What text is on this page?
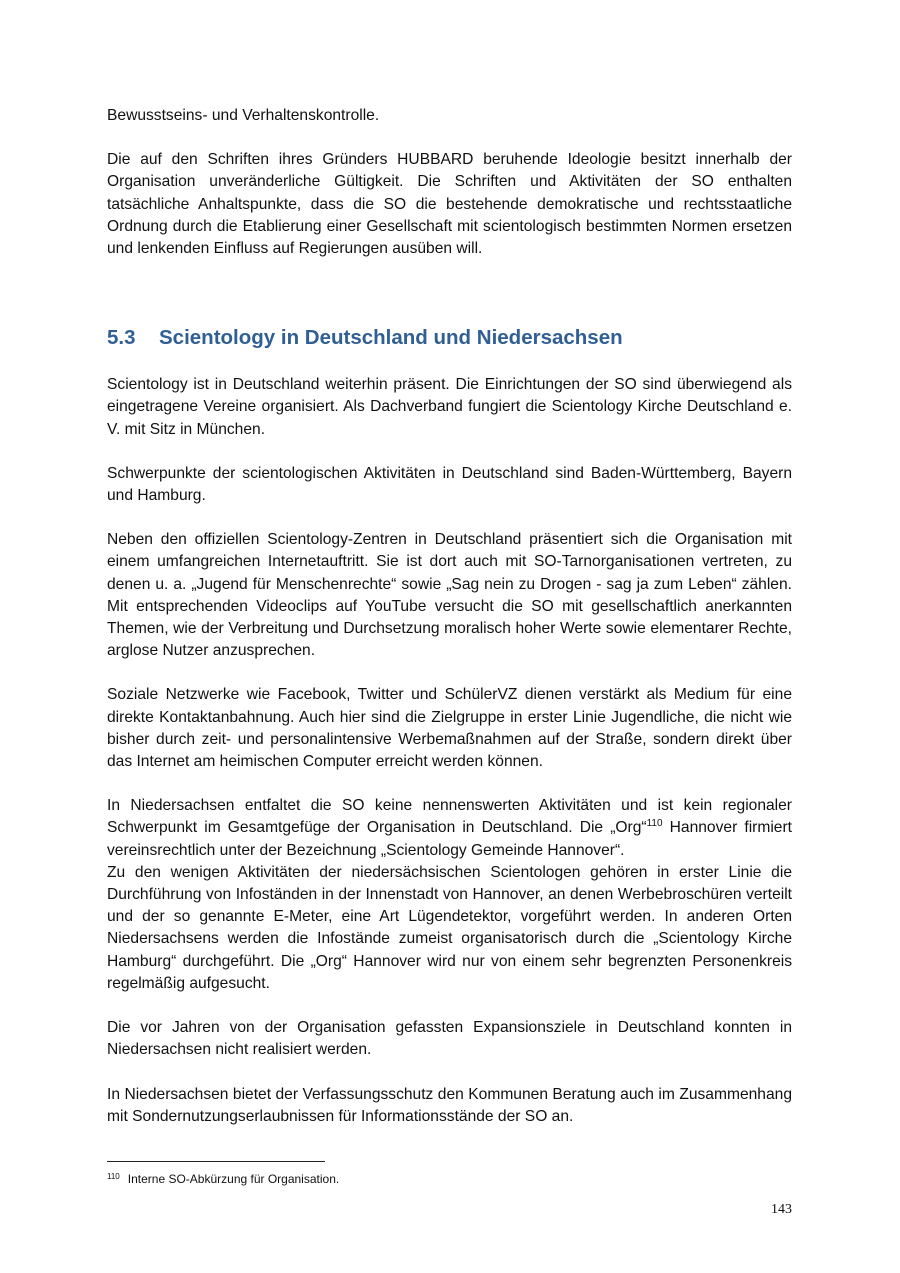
Bewusstseins- und Verhaltenskontrolle.

Die auf den Schriften ihres Gründers HUBBARD beruhende Ideologie besitzt innerhalb der Organisation unveränderliche Gültigkeit. Die Schriften und Aktivitäten der SO enthalten tatsächliche Anhaltspunkte, dass die SO die bestehende demokratische und rechtsstaatliche Ordnung durch die Etablierung einer Gesellschaft mit scientologisch bestimmten Normen ersetzen und lenkenden Einfluss auf Regierungen ausüben will.

5.3 Scientology in Deutschland und Niedersachsen

Scientology ist in Deutschland weiterhin präsent. Die Einrichtungen der SO sind überwiegend als eingetragene Vereine organisiert. Als Dachverband fungiert die Scientology Kirche Deutschland e. V. mit Sitz in München.

Schwerpunkte der scientologischen Aktivitäten in Deutschland sind Baden-Württemberg, Bayern und Hamburg.

Neben den offiziellen Scientology-Zentren in Deutschland präsentiert sich die Organisation mit einem umfangreichen Internetauftritt. Sie ist dort auch mit SO-Tarnorganisationen vertreten, zu denen u. a. „Jugend für Menschenrechte“ sowie „Sag nein zu Drogen - sag ja zum Leben“ zählen. Mit entsprechenden Videoclips auf YouTube versucht die SO mit gesellschaftlich anerkannten Themen, wie der Verbreitung und Durchsetzung moralisch hoher Werte sowie elementarer Rechte, arglose Nutzer anzusprechen.

Soziale Netzwerke wie Facebook, Twitter und SchülerVZ dienen verstärkt als Medium für eine direkte Kontaktanbahnung. Auch hier sind die Zielgruppe in erster Linie Jugendliche, die nicht wie bisher durch zeit- und personalintensive Werbemaßnahmen auf der Straße, sondern direkt über das Internet am heimischen Computer erreicht werden können.

In Niedersachsen entfaltet die SO keine nennenswerten Aktivitäten und ist kein regionaler Schwerpunkt im Gesamtgefüge der Organisation in Deutschland. Die „Org“$^{110}$ Hannover firmiert vereinsrechtlich unter der Bezeichnung „Scientology Gemeinde Hannover“.

Zu den wenigen Aktivitäten der niedersächsischen Scientologen gehören in erster Linie die Durchführung von Infoständen in der Innenstadt von Hannover, an denen Werbebroschüren verteilt und der so genannte E-Meter, eine Art Lügendetektor, vorgeführt werden. In anderen Orten Niedersachsens werden die Infostände zumeist organisatorisch durch die „Scientology Kirche Hamburg“ durchgeführt. Die „Org“ Hannover wird nur von einem sehr begrenzten Personenkreis regelmäßig aufgesucht.

Die vor Jahren von der Organisation gefassten Expansionsziele in Deutschland konnten in Niedersachsen nicht realisiert werden.

In Niedersachsen bietet der Verfassungsschutz den Kommunen Beratung auch im Zusammenhang mit Sondernutzungserlaubnissen für Informationsstände der SO an.

$^{110}$ Interne SO-Abkürzung für Organisation.
143
